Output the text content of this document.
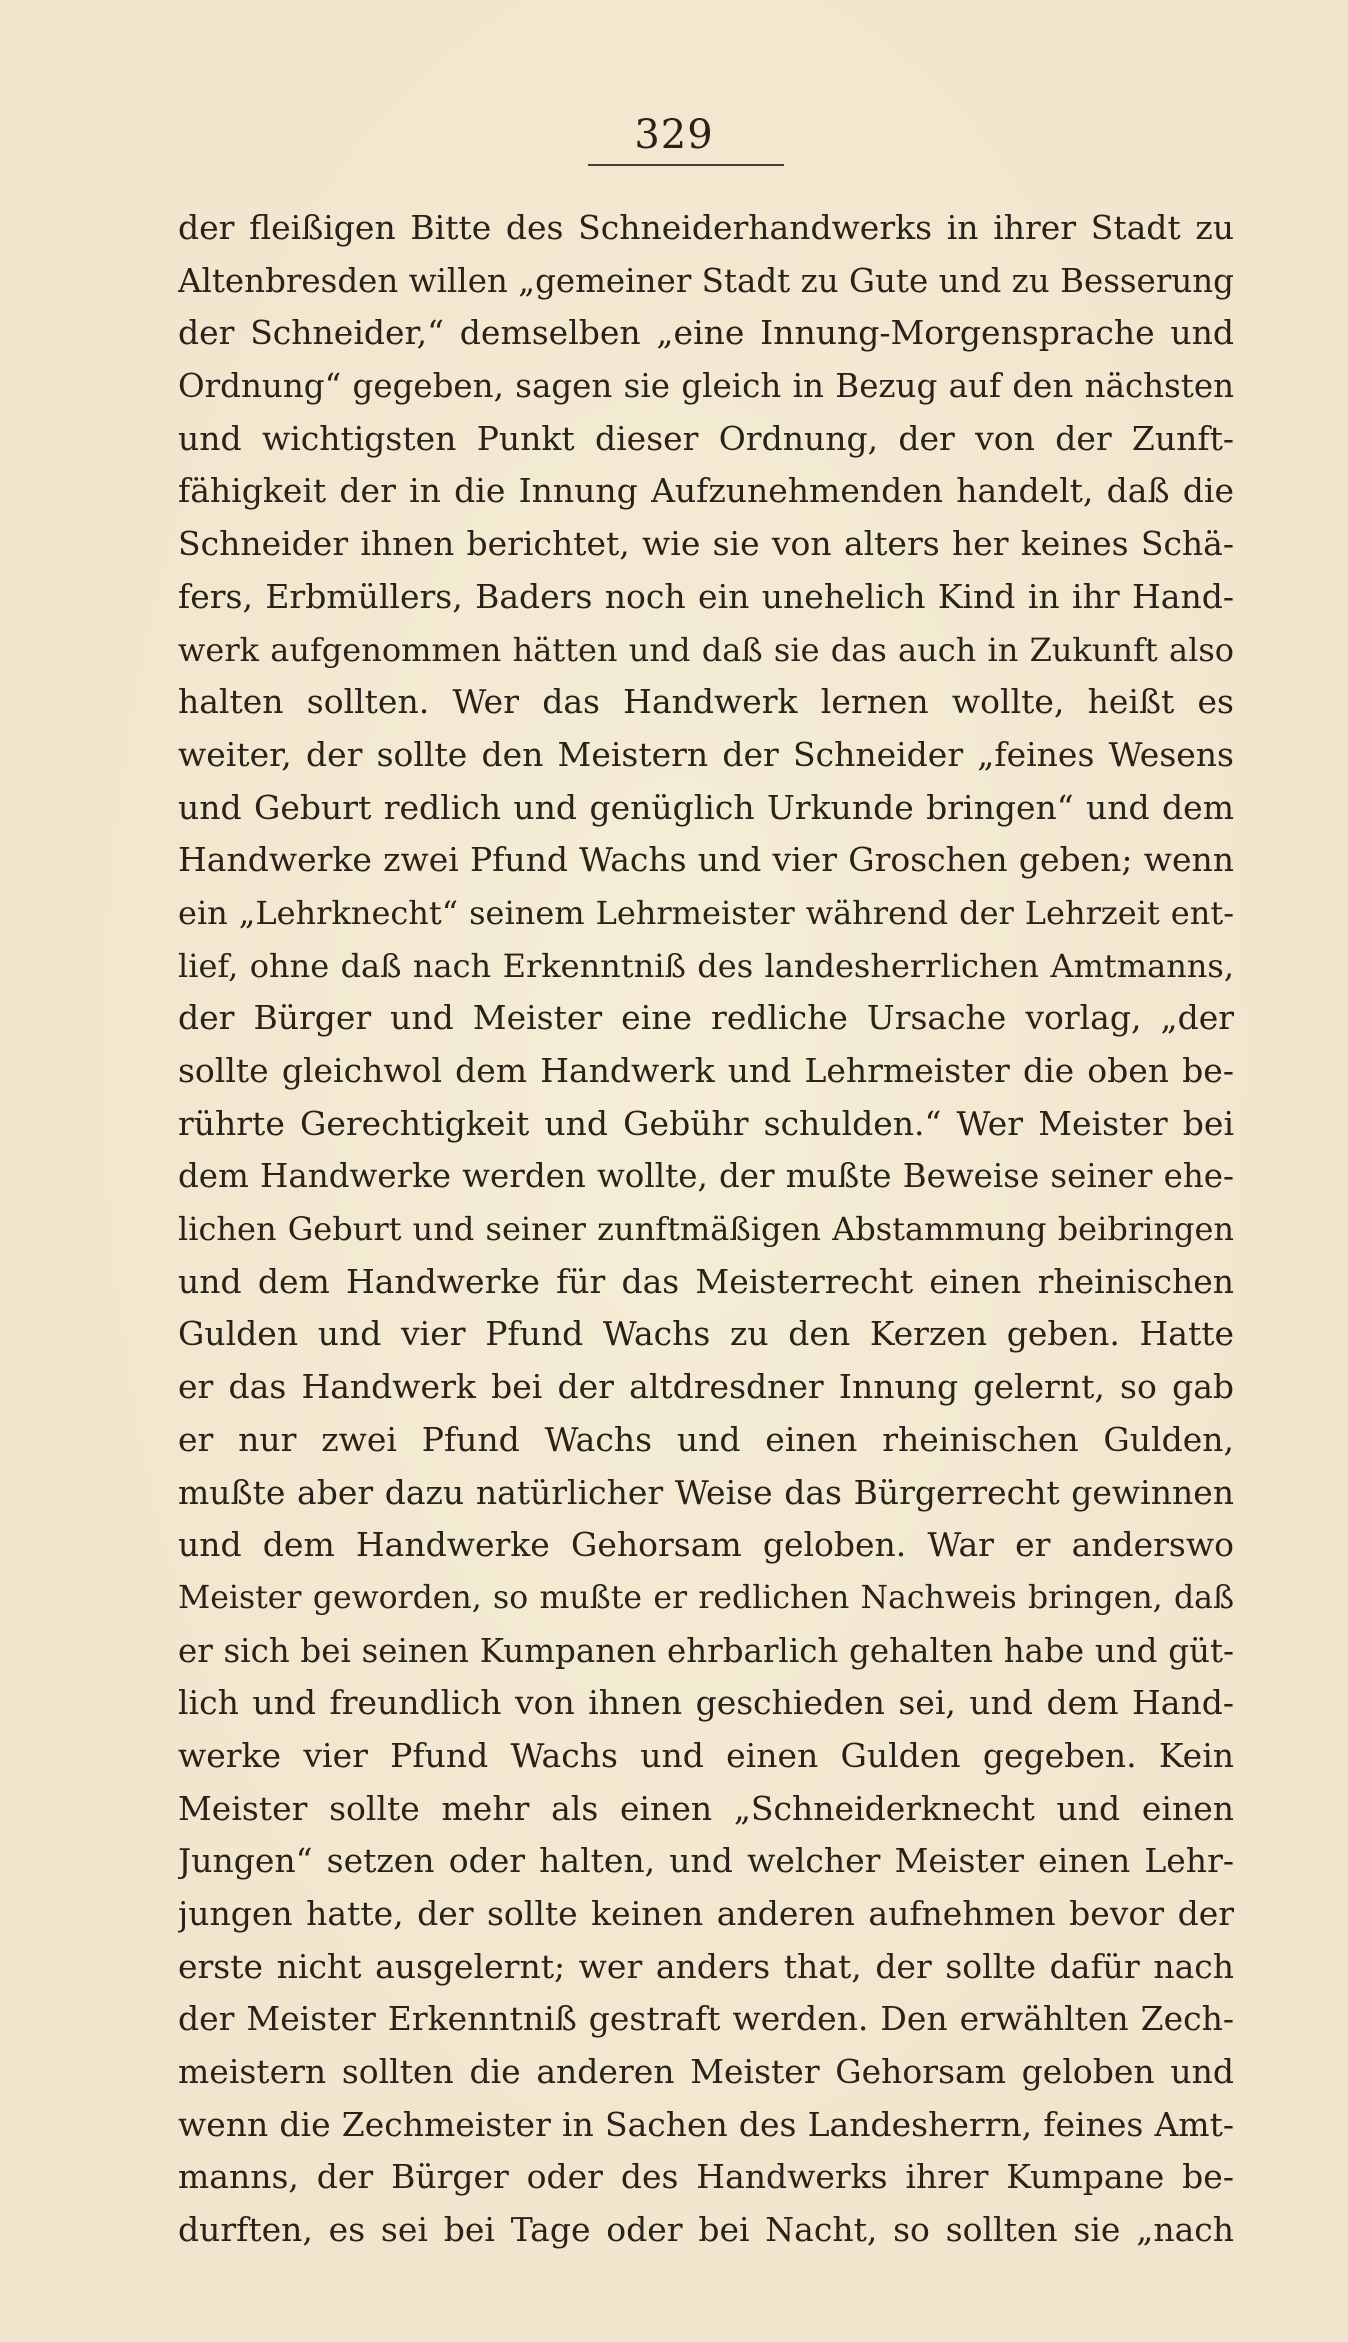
329
der fleißigen Bitte des Schneiderhandwerks in ihrer Stadt zu
Altenbresden willen „gemeiner Stadt zu Gute und zu Besserung
der Schneider,“ demselben „eine Innung-Morgensprache und
Ordnung“ gegeben, sagen sie gleich in Bezug auf den nächsten
und wichtigsten Punkt dieser Ordnung, der von der Zunft-
fähigkeit der in die Innung Aufzunehmenden handelt, daß die
Schneider ihnen berichtet, wie sie von alters her keines Schä-
fers, Erbmüllers, Baders noch ein unehelich Kind in ihr Hand-
werk aufgenommen hätten und daß sie das auch in Zukunft also
halten sollten. Wer das Handwerk lernen wollte, heißt es
weiter, der sollte den Meistern der Schneider „feines Wesens
und Geburt redlich und genüglich Urkunde bringen“ und dem
Handwerke zwei Pfund Wachs und vier Groschen geben; wenn
ein „Lehrknecht“ seinem Lehrmeister während der Lehrzeit ent-
lief, ohne daß nach Erkenntniß des landesherrlichen Amtmanns,
der Bürger und Meister eine redliche Ursache vorlag, „der
sollte gleichwol dem Handwerk und Lehrmeister die oben be-
rührte Gerechtigkeit und Gebühr schulden.“ Wer Meister bei
dem Handwerke werden wollte, der mußte Beweise seiner ehe-
lichen Geburt und seiner zunftmäßigen Abstammung beibringen
und dem Handwerke für das Meisterrecht einen rheinischen
Gulden und vier Pfund Wachs zu den Kerzen geben. Hatte
er das Handwerk bei der altdresdner Innung gelernt, so gab
er nur zwei Pfund Wachs und einen rheinischen Gulden,
mußte aber dazu natürlicher Weise das Bürgerrecht gewinnen
und dem Handwerke Gehorsam geloben. War er anderswo
Meister geworden, so mußte er redlichen Nachweis bringen, daß
er sich bei seinen Kumpanen ehrbarlich gehalten habe und güt-
lich und freundlich von ihnen geschieden sei, und dem Hand-
werke vier Pfund Wachs und einen Gulden gegeben. Kein
Meister sollte mehr als einen „Schneiderknecht und einen
Jungen“ setzen oder halten, und welcher Meister einen Lehr-
jungen hatte, der sollte keinen anderen aufnehmen bevor der
erste nicht ausgelernt; wer anders that, der sollte dafür nach
der Meister Erkenntniß gestraft werden. Den erwählten Zech-
meistern sollten die anderen Meister Gehorsam geloben und
wenn die Zechmeister in Sachen des Landesherrn, feines Amt-
manns, der Bürger oder des Handwerks ihrer Kumpane be-
durften, es sei bei Tage oder bei Nacht, so sollten sie „nach
